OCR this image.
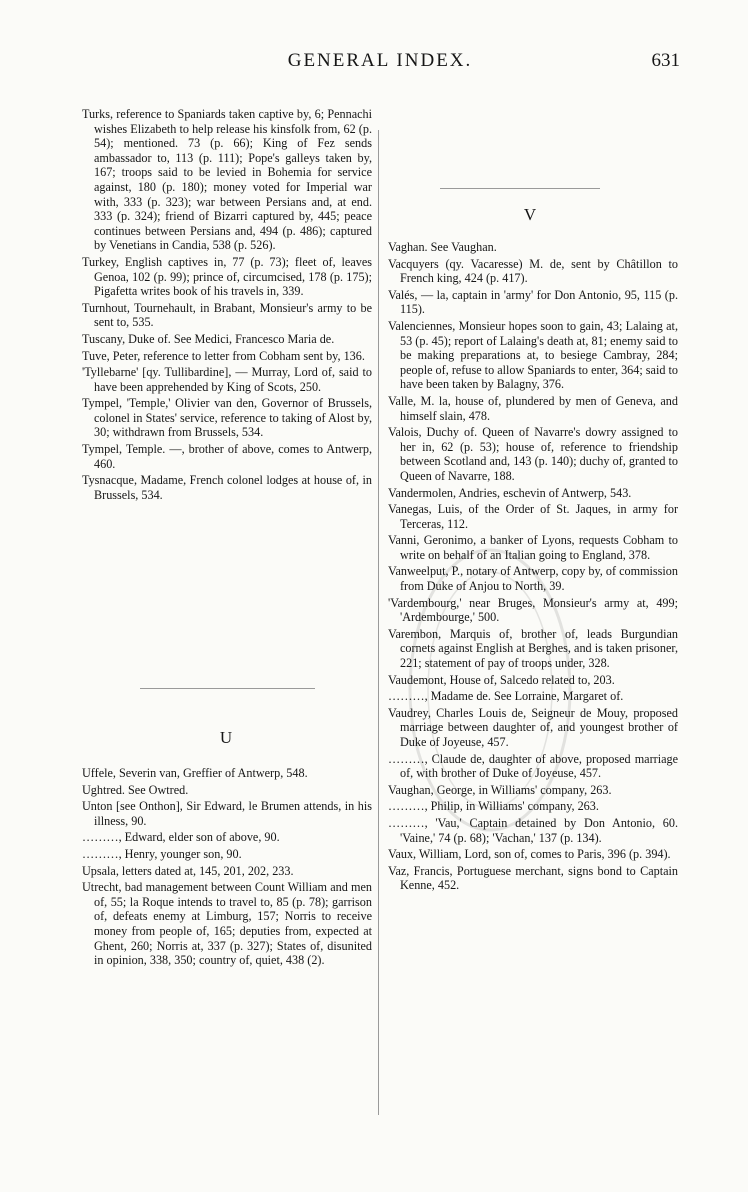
GENERAL INDEX.	631
Turks, reference to Spaniards taken captive by, 6; Pennachi wishes Elizabeth to help release his kinsfolk from, 62 (p. 54); mentioned. 73 (p. 66); King of Fez sends ambassador to, 113 (p. 111); Pope's galleys taken by, 167; troops said to be levied in Bohemia for service against, 180 (p. 180); money voted for Imperial war with, 333 (p. 323); war between Persians and, at end. 333 (p. 324); friend of Bizarri captured by, 445; peace continues between Persians and, 494 (p. 486); captured by Venetians in Candia, 538 (p. 526).
Turkey, English captives in, 77 (p. 73); fleet of, leaves Genoa, 102 (p. 99); prince of, circumcised, 178 (p. 175); Pigafetta writes book of his travels in, 339.
Turnhout, Tournehault, in Brabant, Monsieur's army to be sent to, 535.
Tuscany, Duke of. See Medici, Francesco Maria de.
Tuve, Peter, reference to letter from Cobham sent by, 136.
'Tyllebarne' [qy. Tullibardine], — Murray, Lord of, said to have been apprehended by King of Scots, 250.
Tympel, 'Temple,' Olivier van den, Governor of Brussels, colonel in States' service, reference to taking of Alost by, 30; withdrawn from Brussels, 534.
Tympel, Temple. —, brother of above, comes to Antwerp, 460.
Tysnacque, Madame, French colonel lodges at house of, in Brussels, 534.
U
Uffele, Severin van, Greffier of Antwerp, 548.
Ughtred. See Owtred.
Unton [see Onthon], Sir Edward, le Brumen attends, in his illness, 90.
………, Edward, elder son of above, 90.
………, Henry, younger son, 90.
Upsala, letters dated at, 145, 201, 202, 233.
Utrecht, bad management between Count William and men of, 55; la Roque intends to travel to, 85 (p. 78); garrison of, defeats enemy at Limburg, 157; Norris to receive money from people of, 165; deputies from, expected at Ghent, 260; Norris at, 337 (p. 327); States of, disunited in opinion, 338, 350; country of, quiet, 438 (2).
V
Vaghan. See Vaughan.
Vacquyers (qy. Vacaresse) M. de, sent by Châtillon to French king, 424 (p. 417).
Valés, — la, captain in 'army' for Don Antonio, 95, 115 (p. 115).
Valenciennes, Monsieur hopes soon to gain, 43; Lalaing at, 53 (p. 45); report of Lalaing's death at, 81; enemy said to be making preparations at, to besiege Cambray, 284; people of, refuse to allow Spaniards to enter, 364; said to have been taken by Balagny, 376.
Valle, M. la, house of, plundered by men of Geneva, and himself slain, 478.
Valois, Duchy of. Queen of Navarre's dowry assigned to her in, 62 (p. 53); house of, reference to friendship between Scotland and, 143 (p. 140); duchy of, granted to Queen of Navarre, 188.
Vandermolen, Andries, eschevin of Antwerp, 543.
Vanegas, Luis, of the Order of St. Jaques, in army for Terceras, 112.
Vanni, Geronimo, a banker of Lyons, requests Cobham to write on behalf of an Italian going to England, 378.
Vanweelput, P., notary of Antwerp, copy by, of commission from Duke of Anjou to North, 39.
'Vardembourg,' near Bruges, Monsieur's army at, 499; 'Ardembourge,' 500.
Varembon, Marquis of, brother of, leads Burgundian cornets against English at Berghes, and is taken prisoner, 221; statement of pay of troops under, 328.
Vaudemont, House of, Salcedo related to, 203.
………, Madame de. See Lorraine, Margaret of.
Vaudrey, Charles Louis de, Seigneur de Mouy, proposed marriage between daughter of, and youngest brother of Duke of Joyeuse, 457.
………, Claude de, daughter of above, proposed marriage of, with brother of Duke of Joyeuse, 457.
Vaughan, George, in Williams' company, 263.
………, Philip, in Williams' company, 263.
………, 'Vau,' Captain detained by Don Antonio, 60. 'Vaine,' 74 (p. 68); 'Vachan,' 137 (p. 134).
Vaux, William, Lord, son of, comes to Paris, 396 (p. 394).
Vaz, Francis, Portuguese merchant, signs bond to Captain Kenne, 452.
